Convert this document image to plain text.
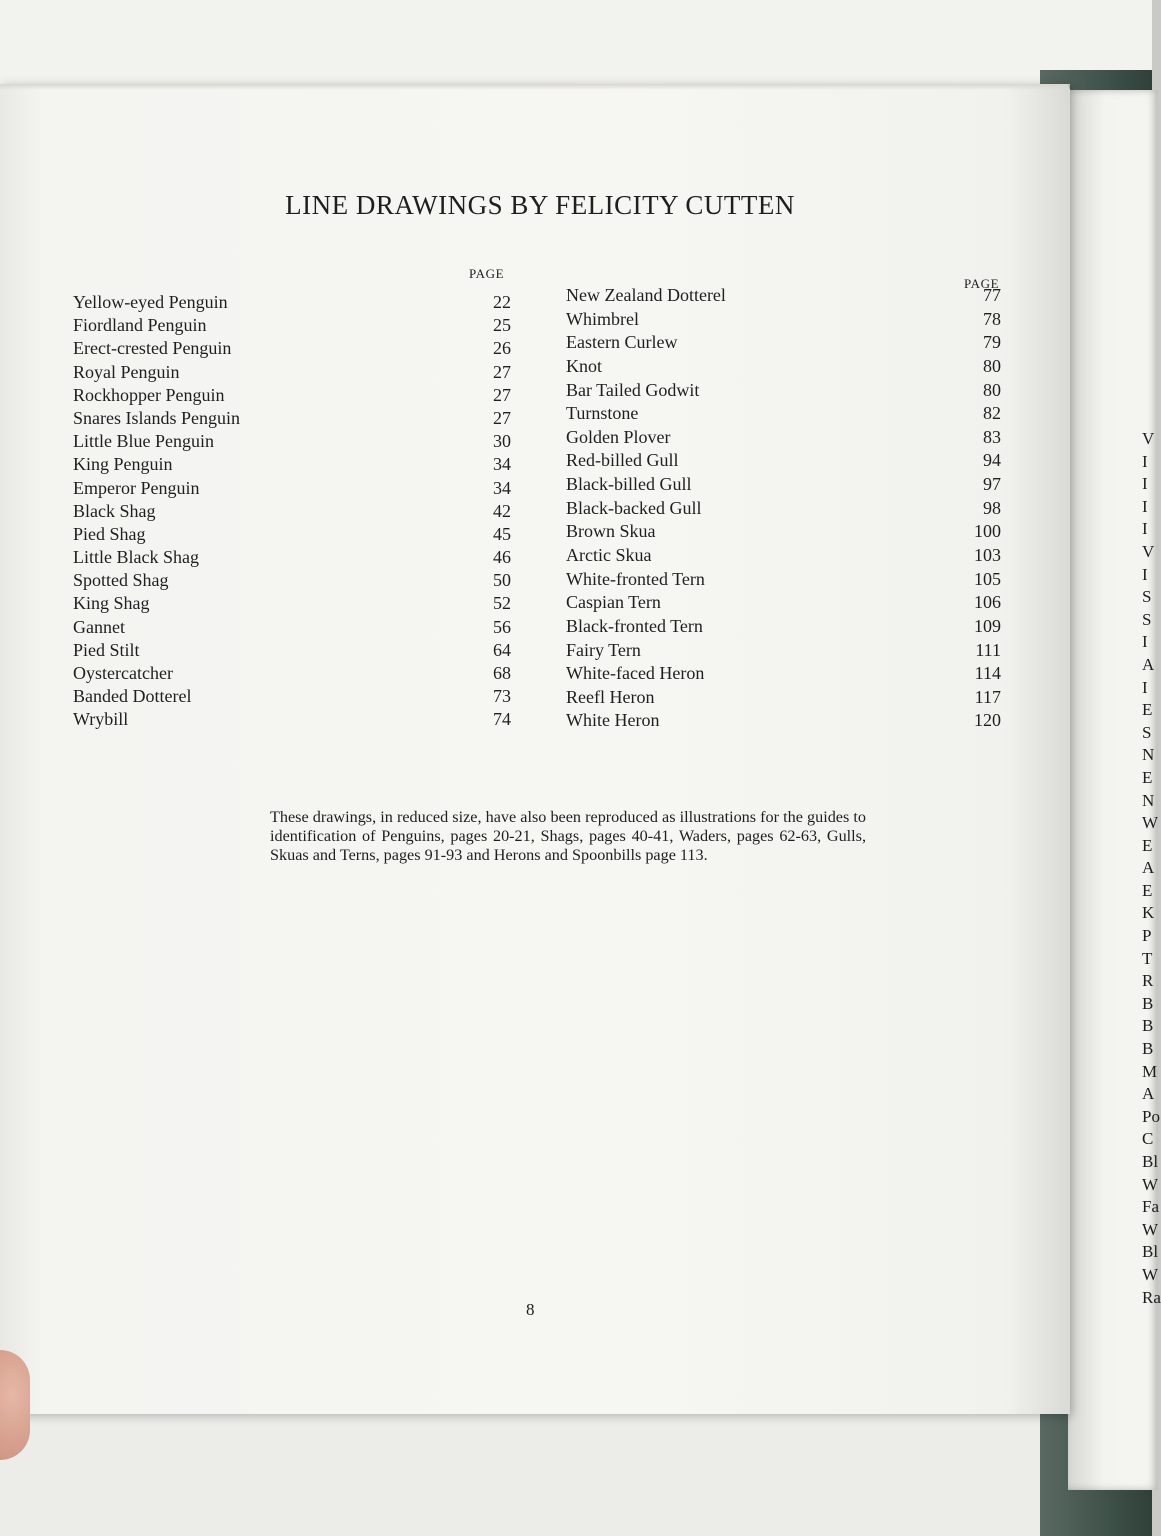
V
I
I
I
I
V
I
S
S
I
A
I
E
S
N
E
N
W
E
A
E
K
P
T
R
B
B
B
M
A
Po
C
Bl
W
Fa
W
Bl
W
Ra
LINE DRAWINGS BY FELICITY CUTTEN
PAGE
Yellow-eyed Penguin	22
Fiordland Penguin	25
Erect-crested Penguin	26
Royal Penguin	27
Rockhopper Penguin	27
Snares Islands Penguin	27
Little Blue Penguin	30
King Penguin	34
Emperor Penguin	34
Black Shag	42
Pied Shag	45
Little Black Shag	46
Spotted Shag	50
King Shag	52
Gannet	56
Pied Stilt	64
Oystercatcher	68
Banded Dotterel	73
Wrybill	74
PAGE
New Zealand Dotterel	77
Whimbrel	78
Eastern Curlew	79
Knot	80
Bar Tailed Godwit	80
Turnstone	82
Golden Plover	83
Red-billed Gull	94
Black-billed Gull	97
Black-backed Gull	98
Brown Skua	100
Arctic Skua	103
White-fronted Tern	105
Caspian Tern	106
Black-fronted Tern	109
Fairy Tern	111
White-faced Heron	114
Reefl Heron	117
White Heron	120
These drawings, in reduced size, have also been reproduced as illustrations for the guides to identification of Penguins, pages 20-21, Shags, pages 40-41, Waders, pages 62-63, Gulls, Skuas and Terns, pages 91-93 and Herons and Spoonbills page 113.
8
